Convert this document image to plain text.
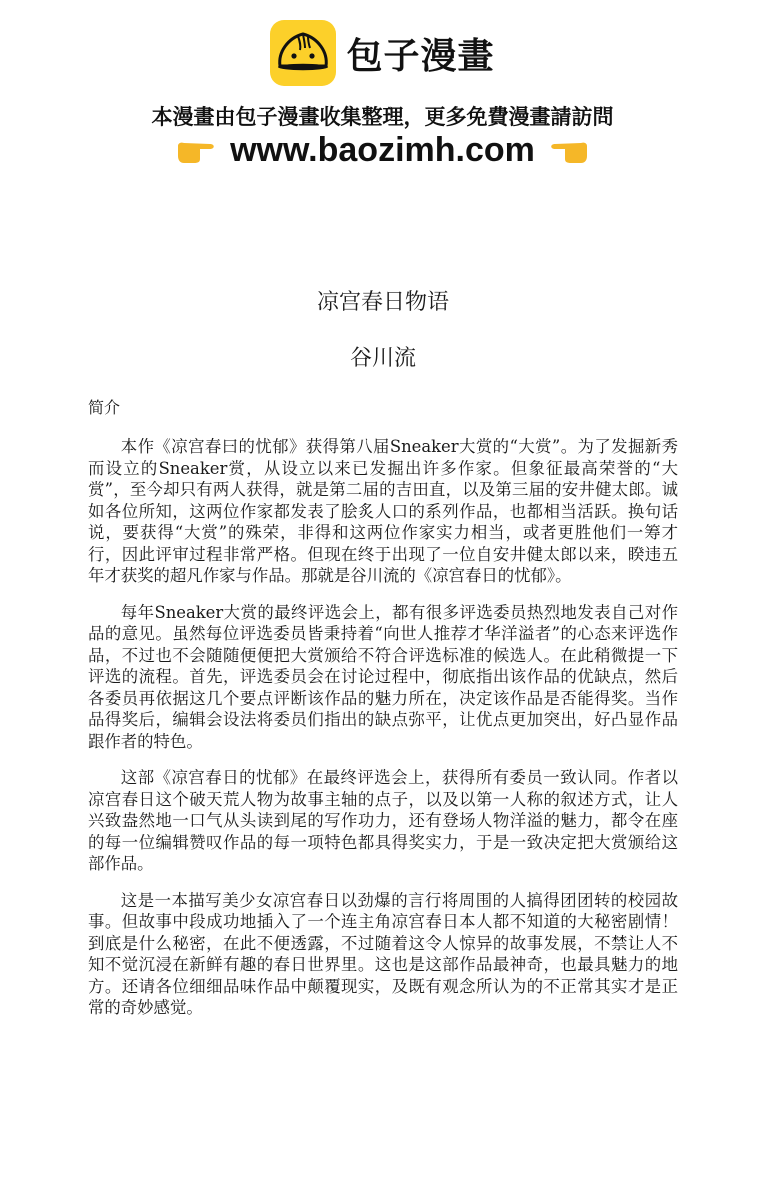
包子漫畫
本漫畫由包子漫畫收集整理，更多免費漫畫請訪問
www.baozimh.com
凉宫春日物语
谷川流
简介

本作《凉宫春曰的忧郁》获得第八届Sneaker大赏的“大赏”。为了发掘新秀而设立的Sneaker赏，从设立以来已发掘出许多作家。但象征最高荣誉的“大赏”，至今却只有两人获得，就是第二届的吉田直，以及第三届的安井健太郎。诚如各位所知，这两位作家都发表了脍炙人口的系列作品，也都相当活跃。换句话说，要获得“大赏”的殊荣，非得和这两位作家实力相当，或者更胜他们一筹才行，因此评审过程非常严格。但现在终于出现了一位自安井健太郎以来，睽违五年才获奖的超凡作家与作品。那就是谷川流的《凉宫春日的忧郁》。

每年Sneaker大赏的最终评选会上，都有很多评选委员热烈地发表自己对作品的意见。虽然每位评选委员皆秉持着“向世人推荐才华洋溢者”的心态来评选作品，不过也不会随随便便把大赏颁给不符合评选标准的候选人。在此稍微提一下评选的流程。首先，评选委员会在讨论过程中，彻底指出该作品的优缺点，然后各委员再依据这几个要点评断该作品的魅力所在，决定该作品是否能得奖。当作品得奖后，编辑会设法将委员们指出的缺点弥平，让优点更加突出，好凸显作品跟作者的特色。

这部《凉宫春日的忧郁》在最终评选会上，获得所有委员一致认同。作者以凉宫春日这个破天荒人物为故事主轴的点子，以及以第一人称的叙述方式，让人兴致盎然地一口气从头读到尾的写作功力，还有登场人物洋溢的魅力，都令在座的每一位编辑赞叹作品的每一项特色都具得奖实力，于是一致决定把大赏颁给这部作品。

这是一本描写美少女凉宫春日以劲爆的言行将周围的人搞得团团转的校园故事。但故事中段成功地插入了一个连主角凉宫春日本人都不知道的大秘密剧情！到底是什么秘密，在此不便透露，不过随着这令人惊异的故事发展，不禁让人不知不觉沉浸在新鲜有趣的春日世界里。这也是这部作品最神奇，也最具魅力的地方。还请各位细细品味作品中颠覆现实，及既有观念所认为的不正常其实才是正常的奇妙感觉。
